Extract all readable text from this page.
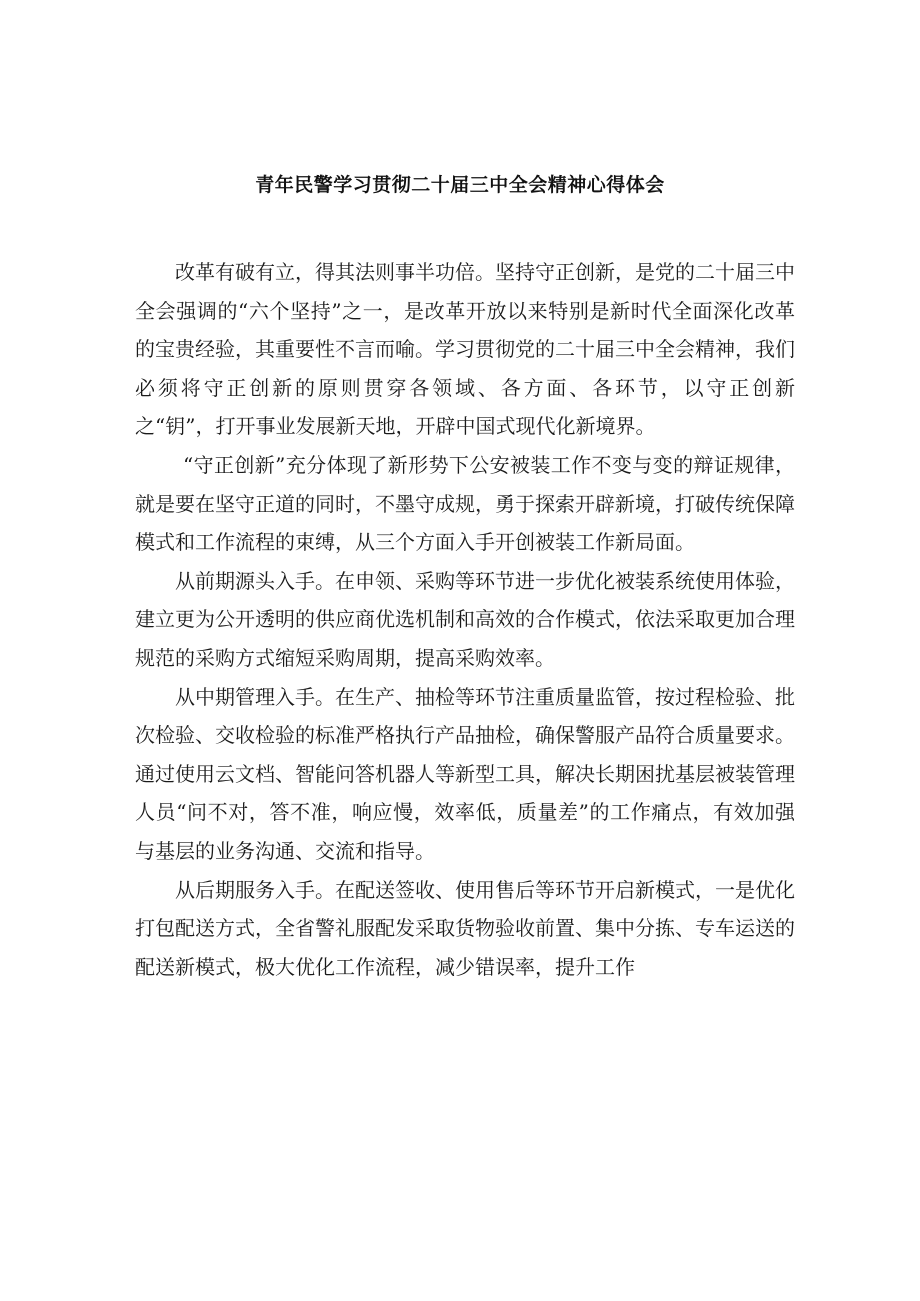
青年民警学习贯彻二十届三中全会精神心得体会

改革有破有立，得其法则事半功倍。坚持守正创新，是党的二十届三中全会强调的“六个坚持”之一，是改革开放以来特别是新时代全面深化改革的宝贵经验，其重要性不言而喻。学习贯彻党的二十届三中全会精神，我们必须将守正创新的原则贯穿各领域、各方面、各环节，以守正创新之“钥”，打开事业发展新天地，开辟中国式现代化新境界。

“守正创新”充分体现了新形势下公安被装工作不变与变的辩证规律，就是要在坚守正道的同时，不墨守成规，勇于探索开辟新境，打破传统保障模式和工作流程的束缚，从三个方面入手开创被装工作新局面。

从前期源头入手。在申领、采购等环节进一步优化被装系统使用体验，建立更为公开透明的供应商优选机制和高效的合作模式，依法采取更加合理规范的采购方式缩短采购周期，提高采购效率。

从中期管理入手。在生产、抽检等环节注重质量监管，按过程检验、批次检验、交收检验的标准严格执行产品抽检，确保警服产品符合质量要求。通过使用云文档、智能问答机器人等新型工具，解决长期困扰基层被装管理人员“问不对，答不准，响应慢，效率低，质量差”的工作痛点，有效加强与基层的业务沟通、交流和指导。

从后期服务入手。在配送签收、使用售后等环节开启新模式，一是优化打包配送方式，全省警礼服配发采取货物验收前置、集中分拣、专车运送的配送新模式，极大优化工作流程，减少错误率，提升工作
